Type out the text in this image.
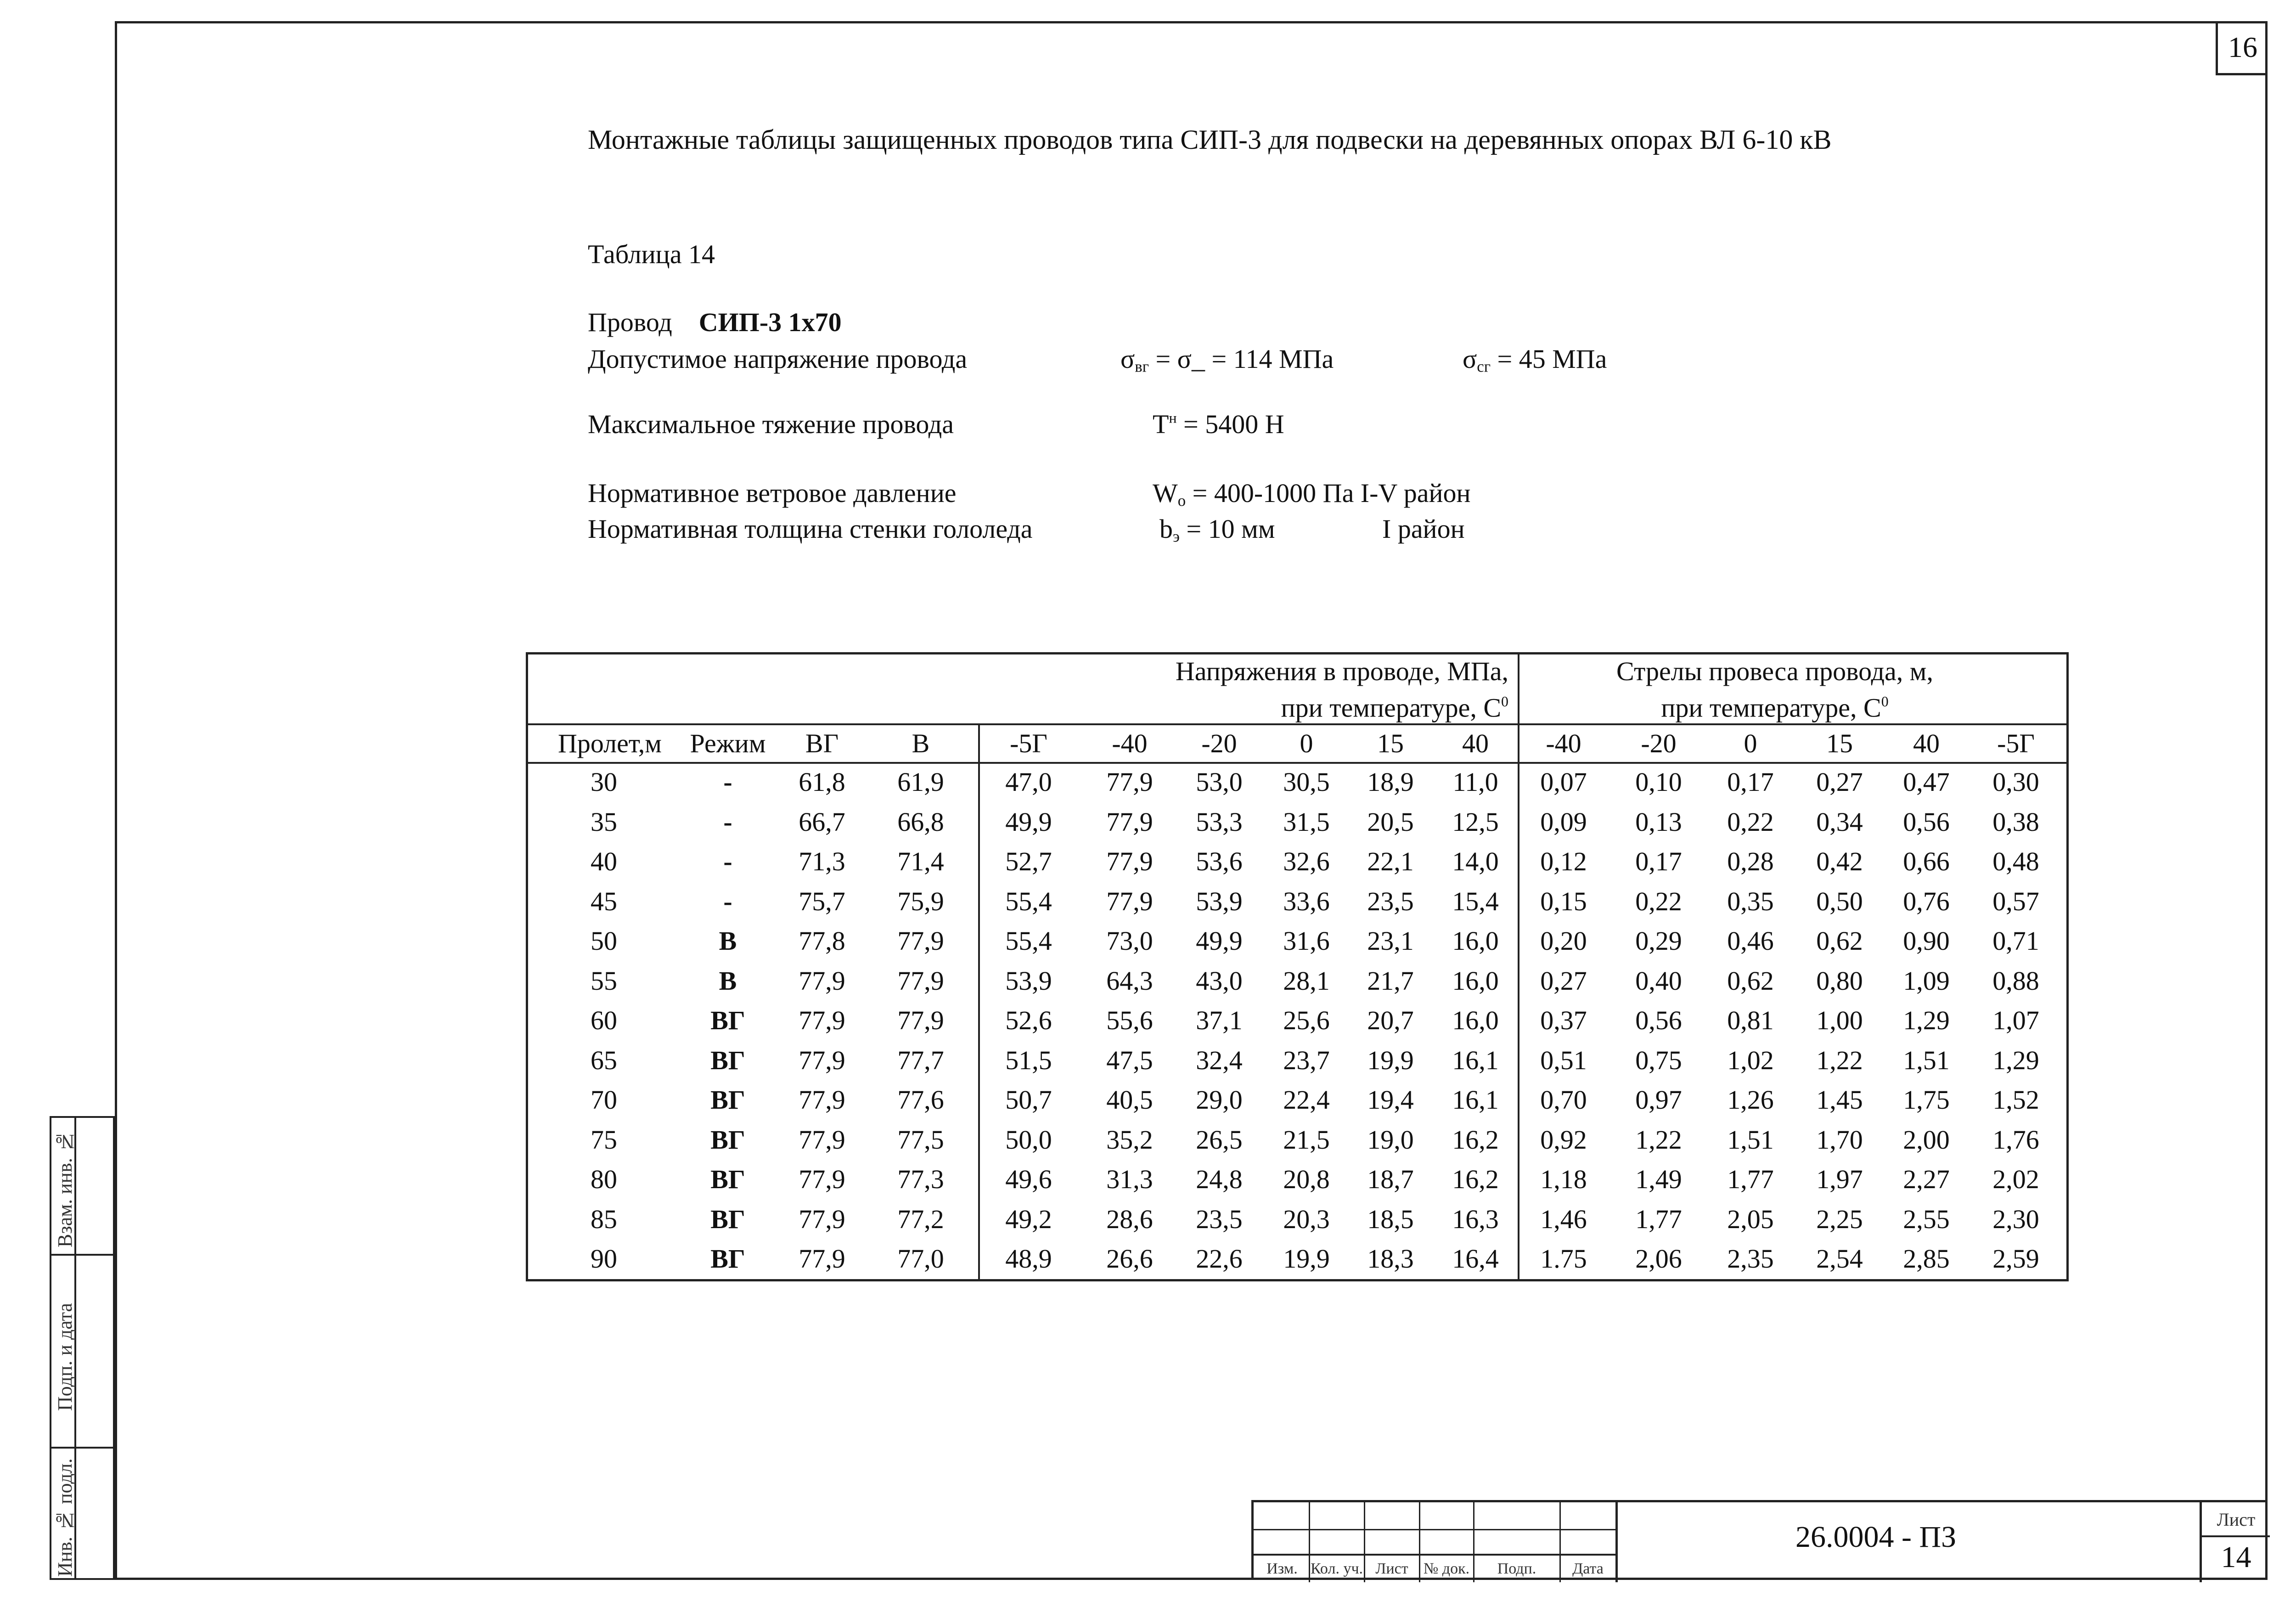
16
Взам. инв. №
Подп. и дата
Инв. № подл.
Монтажные таблицы защищенных проводов типа СИП-3 для подвески на деревянных опорах ВЛ 6-10 кВ
Таблица 14
Провод СИП-3 1х70
Допустимое напряжение провода	$\sigma_{вг}$ = σ_ = 114 МПа	$\sigma_{сг} = 45$ МПа
Максимальное тяжение провода	$Т^н = 5400$ Н
Нормативное ветровое давление	$W_о = 400-1000$ Па I-V район
Нормативная толщина стенки гололеда	$b_э = 10$ мм	I район
Напряжения в проводе, МПа,
при температуре, $С^0$
Стрелы провеса провода, м,
при температуре, $С^0$
Пролет,м	Режим	ВГ	В	-5Г	-40	-20	0	15	40	-40	-20	0	15	40	-5Г
30	-	61,8	61,9	47,0	77,9	53,0	30,5	18,9	11,0	0,07	0,10	0,17	0,27	0,47	0,30
35	-	66,7	66,8	49,9	77,9	53,3	31,5	20,5	12,5	0,09	0,13	0,22	0,34	0,56	0,38
40	-	71,3	71,4	52,7	77,9	53,6	32,6	22,1	14,0	0,12	0,17	0,28	0,42	0,66	0,48
45	-	75,7	75,9	55,4	77,9	53,9	33,6	23,5	15,4	0,15	0,22	0,35	0,50	0,76	0,57
50	В	77,8	77,9	55,4	73,0	49,9	31,6	23,1	16,0	0,20	0,29	0,46	0,62	0,90	0,71
55	В	77,9	77,9	53,9	64,3	43,0	28,1	21,7	16,0	0,27	0,40	0,62	0,80	1,09	0,88
60	ВГ	77,9	77,9	52,6	55,6	37,1	25,6	20,7	16,0	0,37	0,56	0,81	1,00	1,29	1,07
65	ВГ	77,9	77,7	51,5	47,5	32,4	23,7	19,9	16,1	0,51	0,75	1,02	1,22	1,51	1,29
70	ВГ	77,9	77,6	50,7	40,5	29,0	22,4	19,4	16,1	0,70	0,97	1,26	1,45	1,75	1,52
75	ВГ	77,9	77,5	50,0	35,2	26,5	21,5	19,0	16,2	0,92	1,22	1,51	1,70	2,00	1,76
80	ВГ	77,9	77,3	49,6	31,3	24,8	20,8	18,7	16,2	1,18	1,49	1,77	1,97	2,27	2,02
85	ВГ	77,9	77,2	49,2	28,6	23,5	20,3	18,5	16,3	1,46	1,77	2,05	2,25	2,55	2,30
90	ВГ	77,9	77,0	48,9	26,6	22,6	19,9	18,3	16,4	1.75	2,06	2,35	2,54	2,85	2,59
Изм. Кол. уч. Лист № док.	Подп.	Дата
26.0004 - ПЗ
Лист
14
